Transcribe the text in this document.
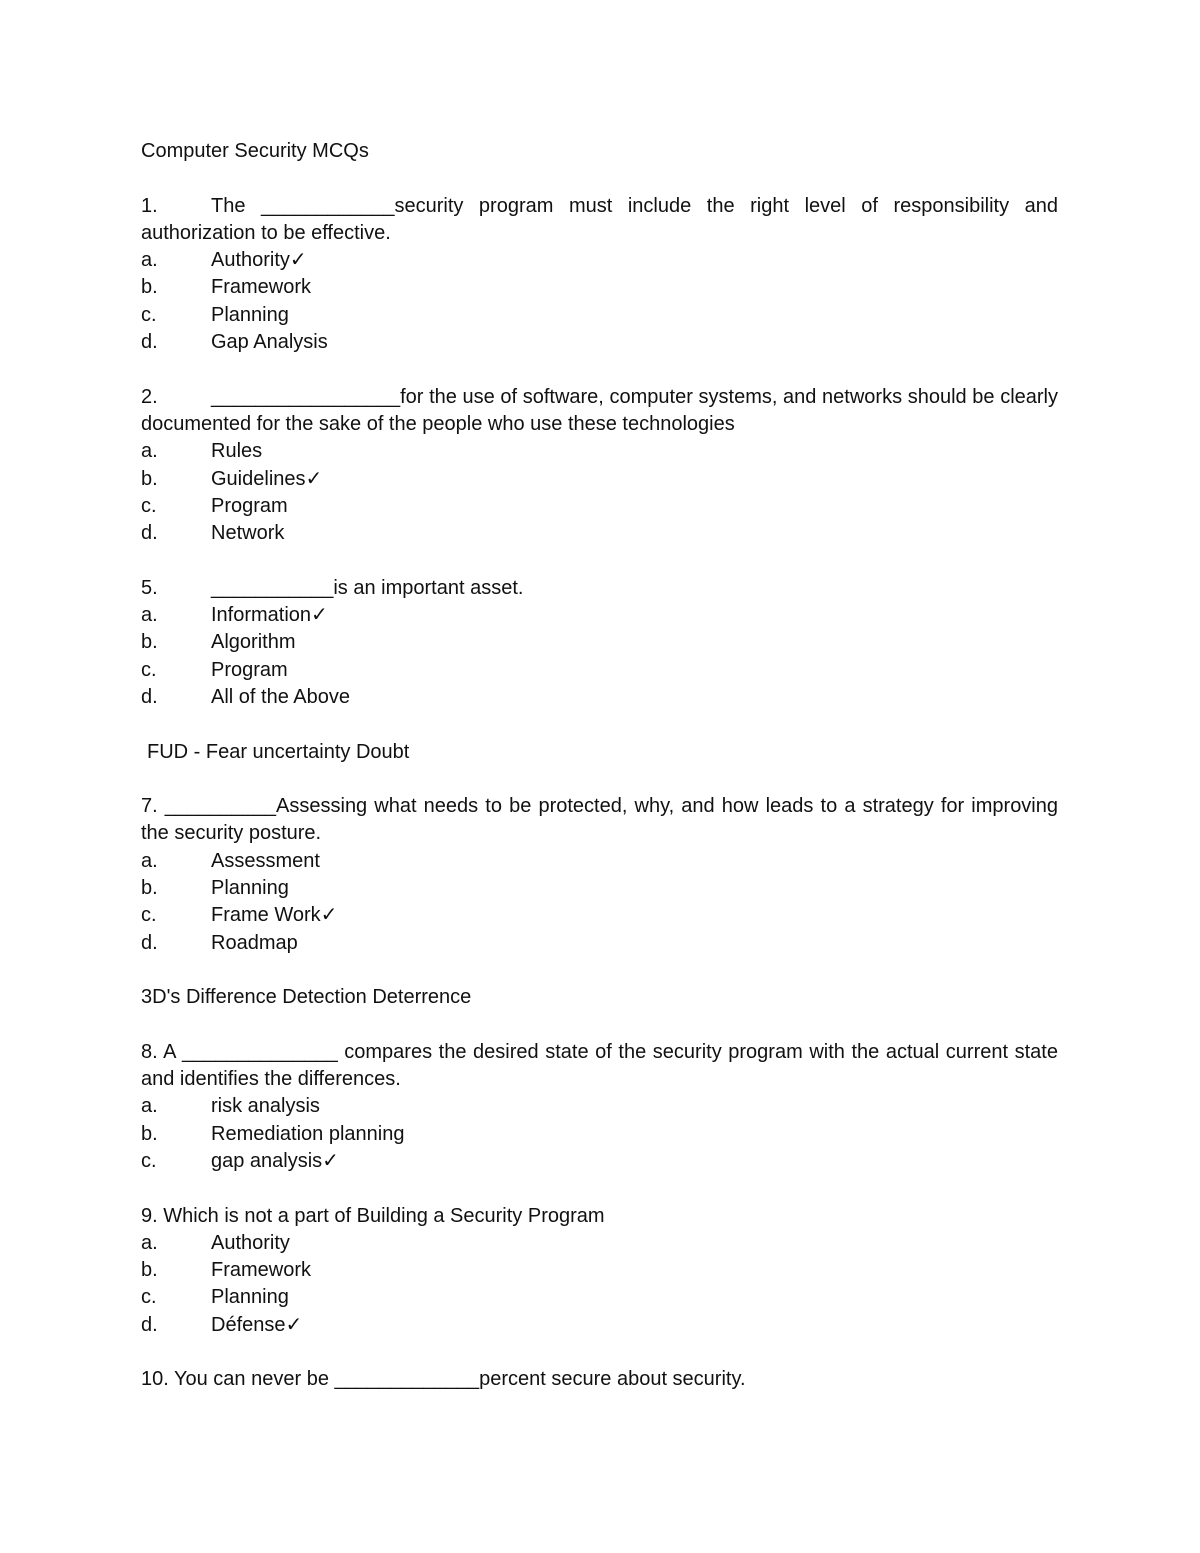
Computer Security MCQs

1.	The ____________security program must include the right level of responsibility and authorization to be effective.

a.	Authority✓

b.	Framework

c.	Planning

d.	Gap Analysis

2.	_________________for the use of software, computer systems, and networks should be clearly documented for the sake of the people who use these technologies

a.	Rules

b.	Guidelines✓

c.	Program

d.	Network

5.	___________is an important asset.

a.	Information✓

b.	Algorithm

c.	Program

d.	All of the Above

FUD - Fear uncertainty Doubt

7. __________Assessing what needs to be protected, why, and how leads to a strategy for improving the security posture.

a.	Assessment

b.	Planning

c.	Frame Work✓

d.	Roadmap

3D's Difference Detection Deterrence

8. A ______________ compares the desired state of the security program with the actual current state and identifies the differences.

a.	risk analysis

b.	Remediation planning

c.	gap analysis✓

9. Which is not a part of Building a Security Program

a.	Authority

b.	Framework

c.	Planning

d.	Défense✓

10. You can never be _____________percent secure about security.
